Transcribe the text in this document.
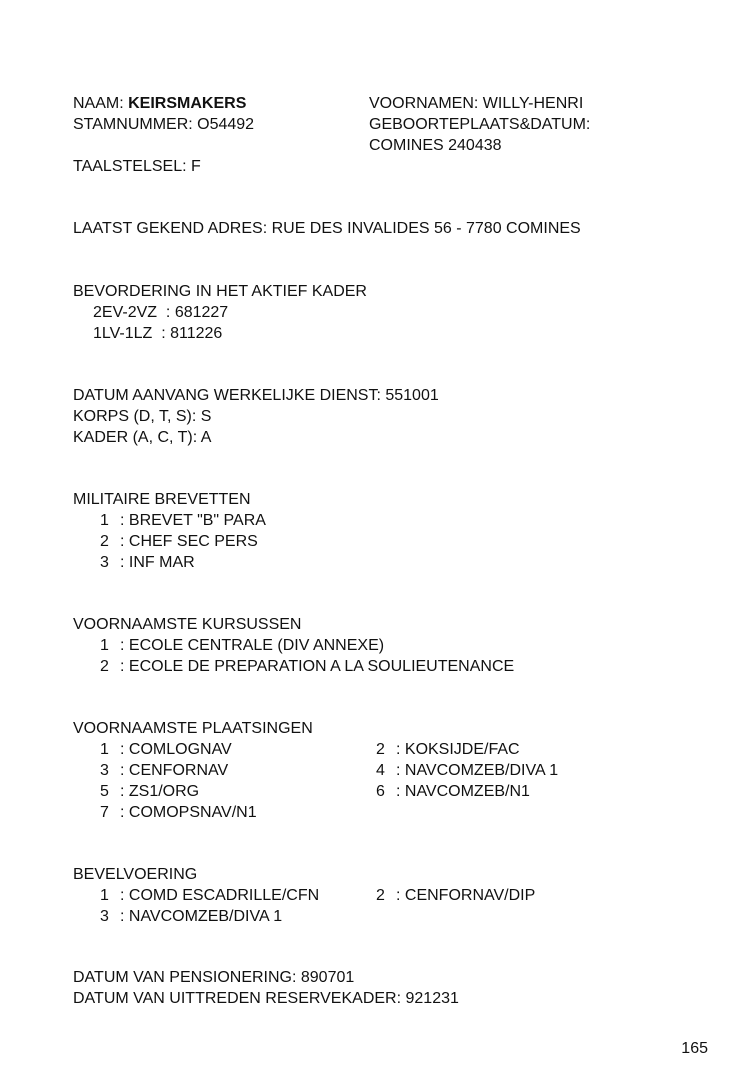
NAAM: KEIRSMAKERS
STAMNUMMER: O54492
TAALSTELSEL: F
VOORNAMEN: WILLY-HENRI
GEBOORTEPLAATS&DATUM:
COMINES 240438
LAATST GEKEND ADRES: RUE DES INVALIDES 56 - 7780 COMINES
BEVORDERING IN HET AKTIEF KADER
2EV-2VZ  : 681227
1LV-1LZ  : 811226
DATUM AANVANG WERKELIJKE DIENST: 551001
KORPS (D, T, S): S
KADER (A, C, T): A
MILITAIRE BREVETTEN
1 : BREVET "B" PARA
2 : CHEF SEC PERS
3 : INF MAR
VOORNAAMSTE KURSUSSEN
1 : ECOLE CENTRALE (DIV ANNEXE)
2 : ECOLE DE PREPARATION A LA SOULIEUTENANCE
VOORNAAMSTE PLAATSINGEN
1 : COMLOGNAV
3 : CENFORNAV
5 : ZS1/ORG
7 : COMOPSNAV/N1
2 : KOKSIJDE/FAC
4 : NAVCOMZEB/DIVA 1
6 : NAVCOMZEB/N1
BEVELVOERING
1 : COMD ESCADRILLE/CFN
3 : NAVCOMZEB/DIVA 1
2 : CENFORNAV/DIP
DATUM VAN PENSIONERING: 890701
DATUM VAN UITTREDEN RESERVEKADER: 921231
165
